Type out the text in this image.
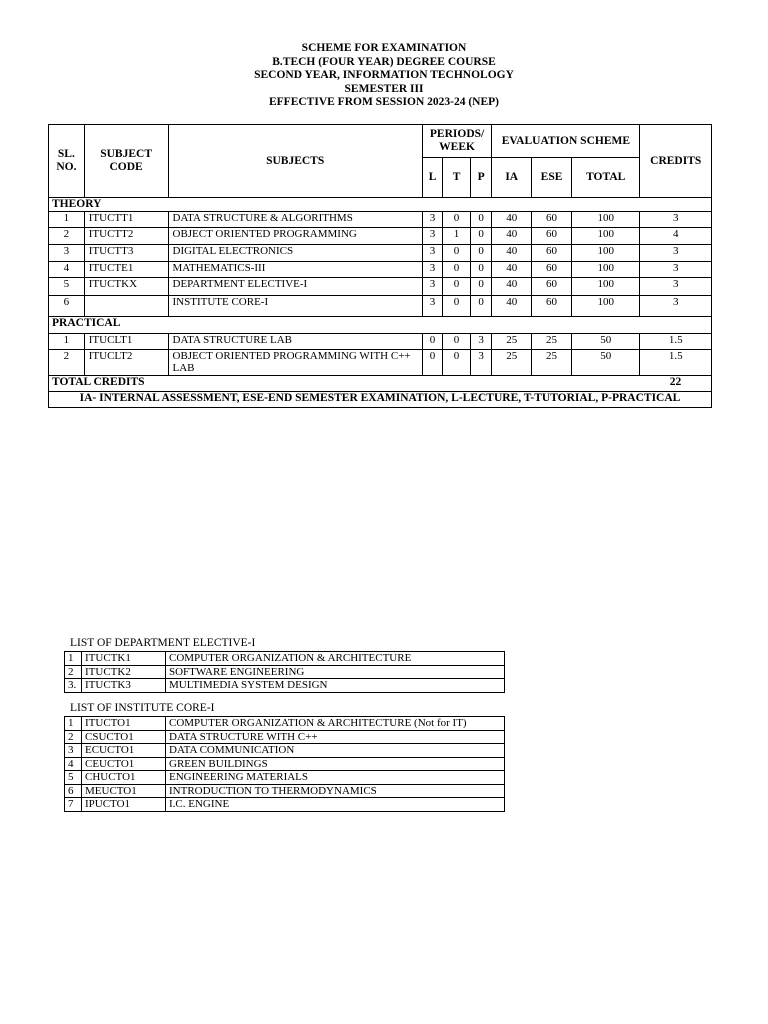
SCHEME FOR EXAMINATION
B.TECH (FOUR YEAR) DEGREE COURSE
SECOND YEAR, INFORMATION TECHNOLOGY
SEMESTER III
EFFECTIVE FROM SESSION 2023-24 (NEP)
SL. NO.	SUBJECT CODE	SUBJECTS	PERIODS/ WEEK			EVALUATION SCHEME			CREDITS
			L	T	P	IA	ESE	TOTAL	
THEORY									
1	ITUCTT1	DATA STRUCTURE & ALGORITHMS	3	0	0	40	60	100	3
2	ITUCTT2	OBJECT ORIENTED PROGRAMMING	3	1	0	40	60	100	4
3	ITUCTT3	DIGITAL ELECTRONICS	3	0	0	40	60	100	3
4	ITUCTE1	MATHEMATICS-III	3	0	0	40	60	100	3
5	ITUCTKX	DEPARTMENT ELECTIVE-I	3	0	0	40	60	100	3
6		INSTITUTE CORE-I	3	0	0	40	60	100	3
PRACTICAL									
1	ITUCLT1	DATA STRUCTURE LAB	0	0	3	25	25	50	1.5
2	ITUCLT2	OBJECT ORIENTED PROGRAMMING WITH C++ LAB	0	0	3	25	25	50	1.5
TOTAL CREDITS									22
IA- INTERNAL ASSESSMENT, ESE-END SEMESTER EXAMINATION, L-LECTURE, T-TUTORIAL, P-PRACTICAL									
LIST OF DEPARTMENT ELECTIVE-I
1	ITUCTK1	COMPUTER ORGANIZATION & ARCHITECTURE
2	ITUCTK2	SOFTWARE ENGINEERING
3.	ITUCTK3	MULTIMEDIA SYSTEM DESIGN
LIST OF INSTITUTE CORE-I
1	ITUCTO1	COMPUTER ORGANIZATION & ARCHITECTURE (Not for IT)
2	CSUCTO1	DATA STRUCTURE WITH C++
3	ECUCTO1	DATA COMMUNICATION
4	CEUCTO1	GREEN BUILDINGS
5	CHUCTO1	ENGINEERING MATERIALS
6	MEUCTO1	INTRODUCTION TO THERMODYNAMICS
7	IPUCTO1	I.C. ENGINE
